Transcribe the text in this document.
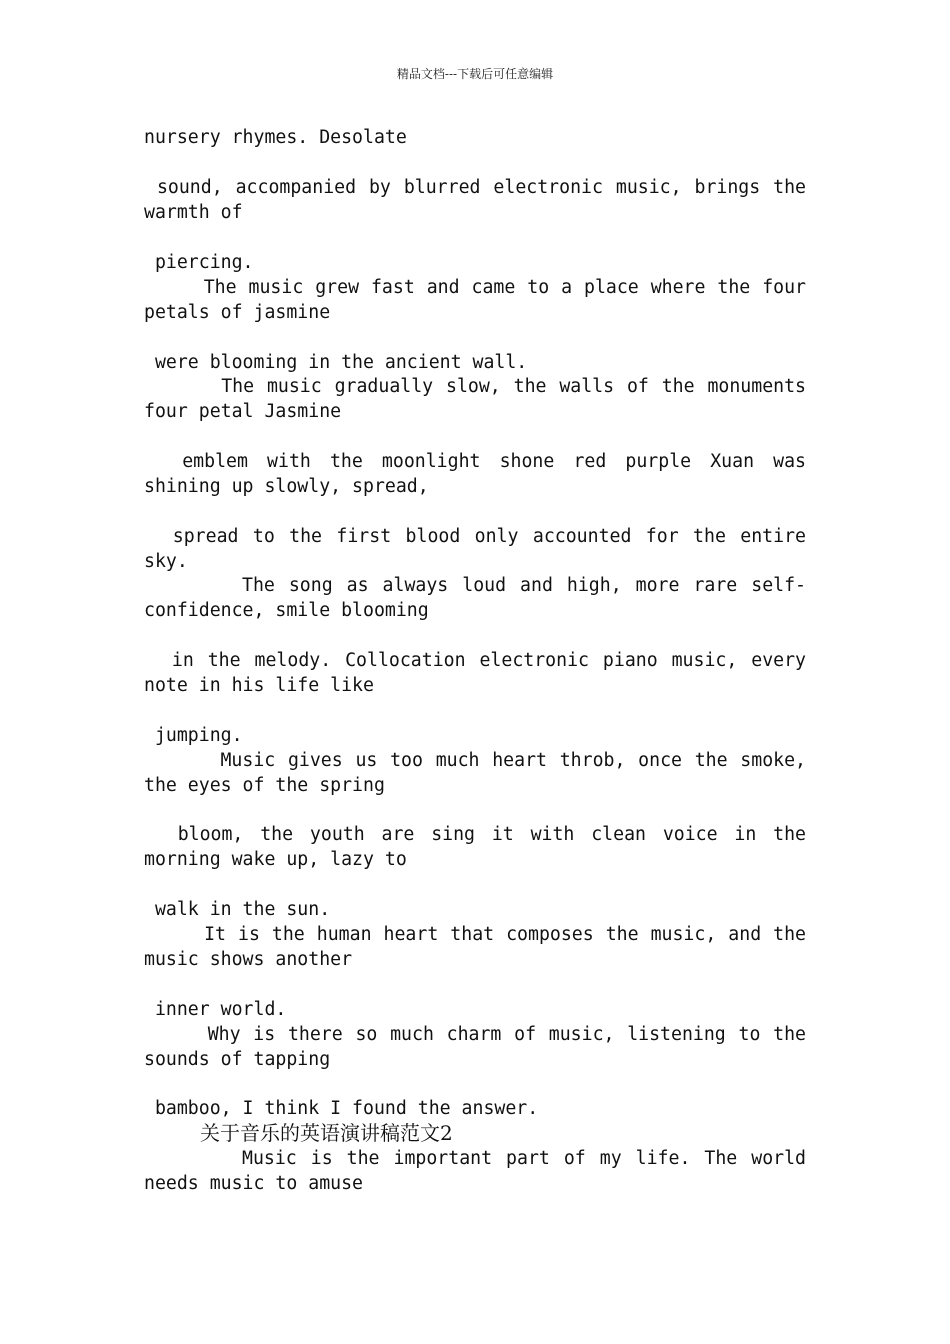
精品文档---下载后可任意编辑
nursery rhymes. Desolate
sound, accompanied by blurred electronic music, brings the warmth of
piercing.
The music grew fast and came to a place where the four petals of jasmine
were blooming in the ancient wall.
The music gradually slow, the walls of the monuments four petal Jasmine
emblem with the moonlight shone red purple Xuan was shining up slowly, spread,
spread to the first blood only accounted for the entire sky.
The song as always loud and high, more rare self-confidence, smile blooming
in the melody. Collocation electronic piano music, every note in his life like
jumping.
Music gives us too much heart throb, once the smoke, the eyes of the spring
bloom, the youth are sing it with clean voice in the morning wake up, lazy to
walk in the sun.
It is the human heart that composes the music, and the music shows another
inner world.
Why is there so much charm of music, listening to the sounds of tapping
bamboo, I think I found the answer.
关于音乐的英语演讲稿范文2
Music is the important part of my life. The world needs music to amuse
